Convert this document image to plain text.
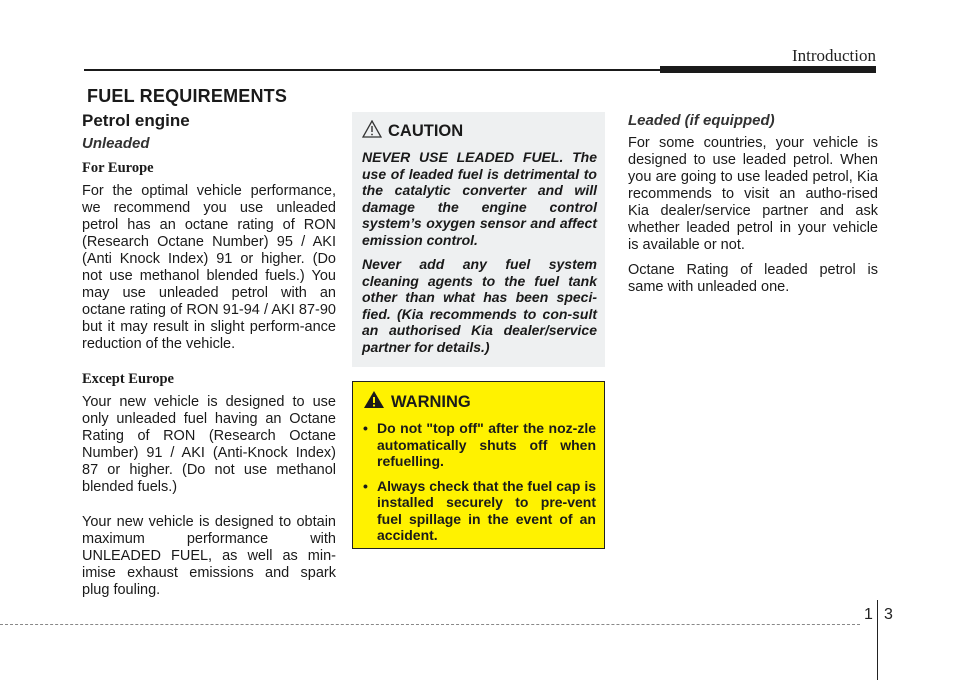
Introduction
FUEL REQUIREMENTS
Petrol engine
Unleaded
For Europe

For the optimal vehicle performance, we recommend you use unleaded petrol has an octane rating of RON (Research Octane Number) 95 / AKI (Anti Knock Index) 91 or higher. (Do not use methanol blended fuels.) You may use unleaded petrol with an octane rating of RON 91-94 / AKI 87-90 but it may result in slight perform-ance reduction of the vehicle.

Except Europe

Your new vehicle is designed to use only unleaded fuel having an Octane Rating of RON (Research Octane Number) 91 / AKI (Anti-Knock Index) 87 or higher. (Do not use methanol blended fuels.)

Your new vehicle is designed to obtain maximum performance with UNLEADED FUEL, as well as min-imise exhaust emissions and spark plug fouling.

CAUTION

NEVER USE LEADED FUEL. The use of leaded fuel is detrimental to the catalytic converter and will damage the engine control system’s oxygen sensor and affect emission control.

Never add any fuel system cleaning agents to the fuel tank other than what has been speci-fied. (Kia recommends to con-sult an authorised Kia dealer/service partner for details.)

WARNING
• Do not "top off" after the noz-zle automatically shuts off when refuelling.
• Always check that the fuel cap is installed securely to pre-vent fuel spillage in the event of an accident.
Leaded (if equipped)

For some countries, your vehicle is designed to use leaded petrol. When you are going to use leaded petrol, Kia recommends to visit an autho-rised Kia dealer/service partner and ask whether leaded petrol in your vehicle is available or not.

Octane Rating of leaded petrol is same with unleaded one.

1 3
